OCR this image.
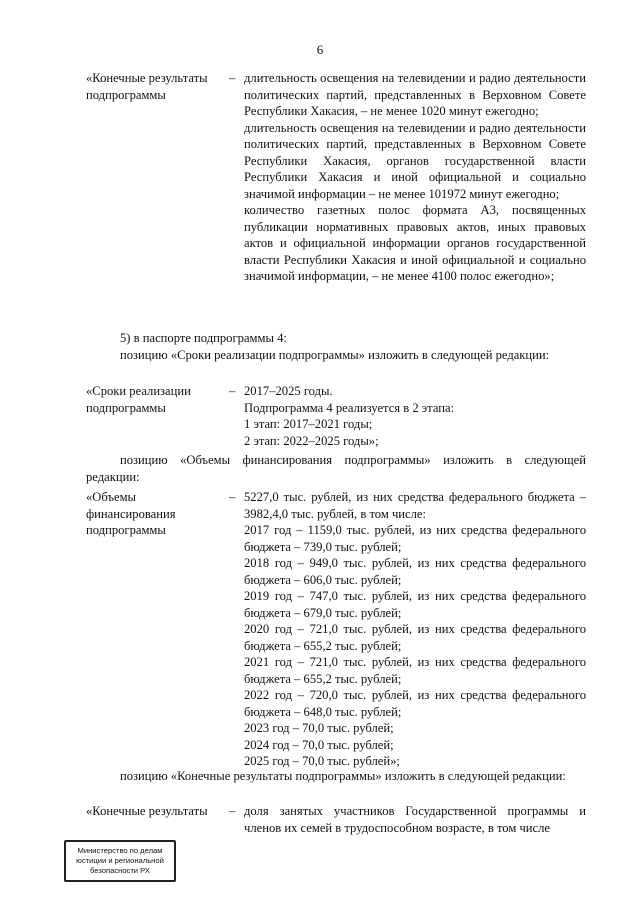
6
«Конечные результаты подпрограммы
– длительность освещения на телевидении и радио деятельности политических партий, представленных в Верховном Совете Республики Хакасия, – не менее 1020 минут ежегодно;

длительность освещения на телевидении и радио деятельности политических партий, представленных в Верховном Совете Республики Хакасия, органов государственной власти Республики Хакасия и иной официальной и социально значимой информации – не менее 101972 минут ежегодно;

количество газетных полос формата А3, посвященных публикации нормативных правовых актов, иных правовых актов и официальной информации органов государственной власти Республики Хакасия и иной официальной и социально значимой информации, – не менее 4100 полос ежегодно»;

5) в паспорте подпрограммы 4:

позицию «Сроки реализации подпрограммы» изложить в следующей редакции:

«Сроки реализации подпрограммы
– 2017–2025 годы.

Подпрограмма 4 реализуется в 2 этапа:

1 этап: 2017–2021 годы;

2 этап: 2022–2025 годы»;

позицию «Объемы финансирования подпрограммы» изложить в следующей редакции:

«Объемы финансирования подпрограммы
– 5227,0 тыс. рублей, из них средства федерального бюджета – 3982,4,0 тыс. рублей, в том числе:

2017 год – 1159,0 тыс. рублей, из них средства федерального бюджета – 739,0 тыс. рублей;

2018 год – 949,0 тыс. рублей, из них средства федерального бюджета – 606,0 тыс. рублей;

2019 год – 747,0 тыс. рублей, из них средства федерального бюджета – 679,0 тыс. рублей;

2020 год – 721,0 тыс. рублей, из них средства федерального бюджета – 655,2 тыс. рублей;

2021 год – 721,0 тыс. рублей, из них средства федерального бюджета – 655,2 тыс. рублей;

2022 год – 720,0 тыс. рублей, из них средства федерального бюджета – 648,0 тыс. рублей;

2023 год – 70,0 тыс. рублей;

2024 год – 70,0 тыс. рублей;

2025 год – 70,0 тыс. рублей»;

позицию «Конечные результаты подпрограммы» изложить в следующей редакции:

«Конечные результаты	– доля занятых участников Государственной программы и членов их семей в трудоспособном возрасте, в том числе

Министерство по делам юстиции и региональной безопасности РХ
